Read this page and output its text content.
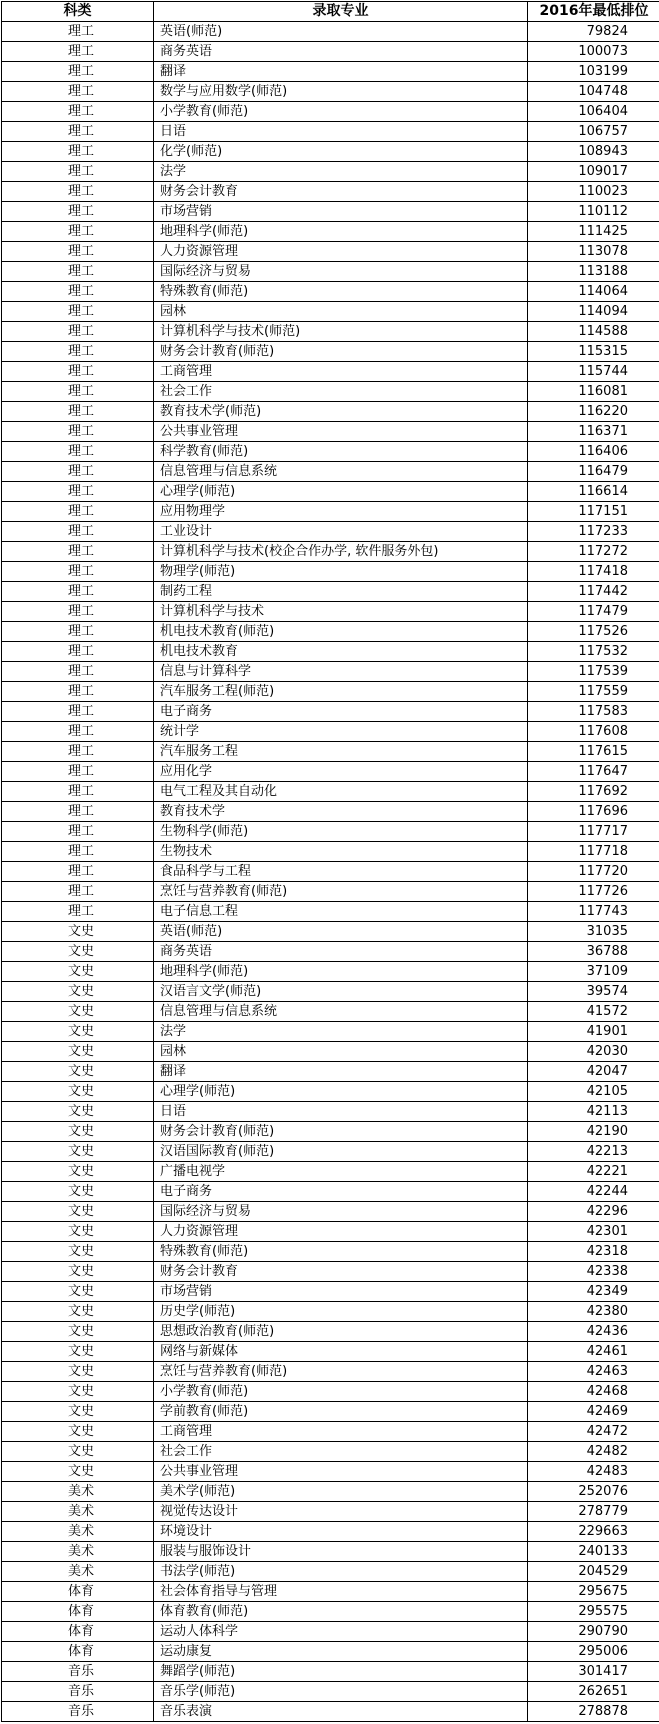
科类	录取专业	2016年最低排位
理工	英语(师范)	79824
理工	商务英语	100073
理工	翻译	103199
理工	数学与应用数学(师范)	104748
理工	小学教育(师范)	106404
理工	日语	106757
理工	化学(师范)	108943
理工	法学	109017
理工	财务会计教育	110023
理工	市场营销	110112
理工	地理科学(师范)	111425
理工	人力资源管理	113078
理工	国际经济与贸易	113188
理工	特殊教育(师范)	114064
理工	园林	114094
理工	计算机科学与技术(师范)	114588
理工	财务会计教育(师范)	115315
理工	工商管理	115744
理工	社会工作	116081
理工	教育技术学(师范)	116220
理工	公共事业管理	116371
理工	科学教育(师范)	116406
理工	信息管理与信息系统	116479
理工	心理学(师范)	116614
理工	应用物理学	117151
理工	工业设计	117233
理工	计算机科学与技术(校企合作办学, 软件服务外包)	117272
理工	物理学(师范)	117418
理工	制药工程	117442
理工	计算机科学与技术	117479
理工	机电技术教育(师范)	117526
理工	机电技术教育	117532
理工	信息与计算科学	117539
理工	汽车服务工程(师范)	117559
理工	电子商务	117583
理工	统计学	117608
理工	汽车服务工程	117615
理工	应用化学	117647
理工	电气工程及其自动化	117692
理工	教育技术学	117696
理工	生物科学(师范)	117717
理工	生物技术	117718
理工	食品科学与工程	117720
理工	烹饪与营养教育(师范)	117726
理工	电子信息工程	117743
文史	英语(师范)	31035
文史	商务英语	36788
文史	地理科学(师范)	37109
文史	汉语言文学(师范)	39574
文史	信息管理与信息系统	41572
文史	法学	41901
文史	园林	42030
文史	翻译	42047
文史	心理学(师范)	42105
文史	日语	42113
文史	财务会计教育(师范)	42190
文史	汉语国际教育(师范)	42213
文史	广播电视学	42221
文史	电子商务	42244
文史	国际经济与贸易	42296
文史	人力资源管理	42301
文史	特殊教育(师范)	42318
文史	财务会计教育	42338
文史	市场营销	42349
文史	历史学(师范)	42380
文史	思想政治教育(师范)	42436
文史	网络与新媒体	42461
文史	烹饪与营养教育(师范)	42463
文史	小学教育(师范)	42468
文史	学前教育(师范)	42469
文史	工商管理	42472
文史	社会工作	42482
文史	公共事业管理	42483
美术	美术学(师范)	252076
美术	视觉传达设计	278779
美术	环境设计	229663
美术	服装与服饰设计	240133
美术	书法学(师范)	204529
体育	社会体育指导与管理	295675
体育	体育教育(师范)	295575
体育	运动人体科学	290790
体育	运动康复	295006
音乐	舞蹈学(师范)	301417
音乐	音乐学(师范)	262651
音乐	音乐表演	278878
